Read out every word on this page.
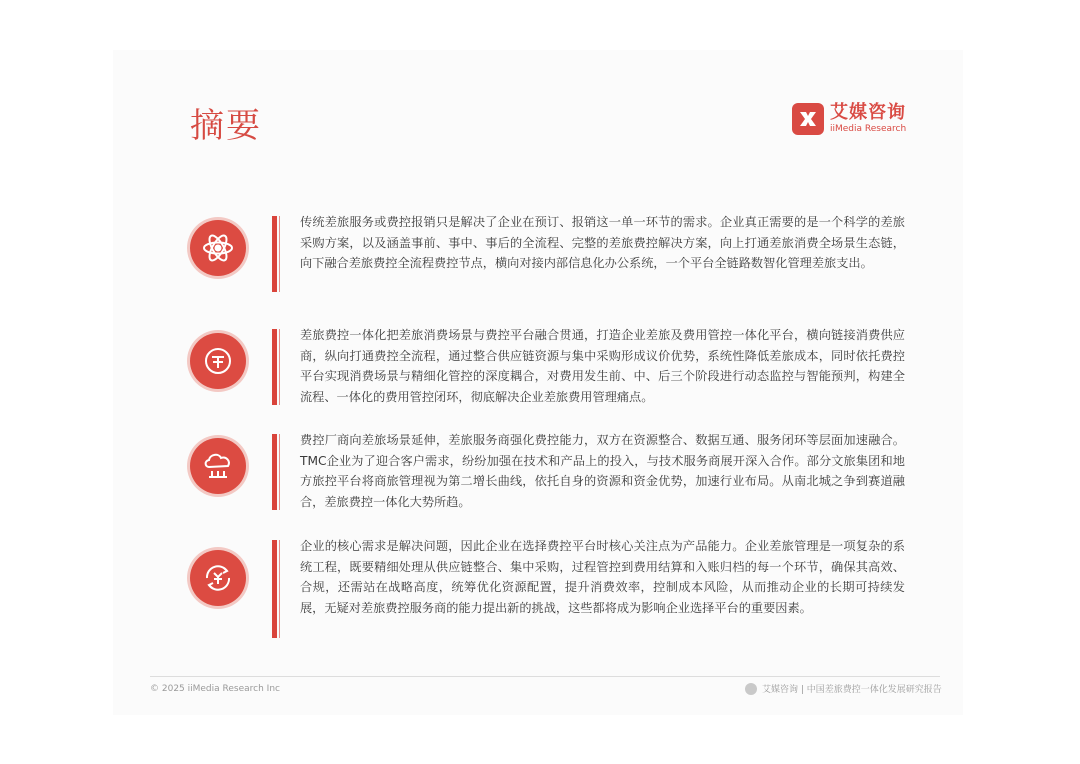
摘要	艾媒咨询
iiMedia Research
传统差旅服务或费控报销只是解决了企业在预订、报销这一单一环节的需求。企业真正需要的是一个科学的差旅采购方案，以及涵盖事前、事中、事后的全流程、完整的差旅费控解决方案，向上打通差旅消费全场景生态链，向下融合差旅费控全流程费控节点，横向对接内部信息化办公系统，一个平台全链路数智化管理差旅支出。
差旅费控一体化把差旅消费场景与费控平台融合贯通，打造企业差旅及费用管控一体化平台，横向链接消费供应商，纵向打通费控全流程，通过整合供应链资源与集中采购形成议价优势，系统性降低差旅成本，同时依托费控平台实现消费场景与精细化管控的深度耦合，对费用发生前、中、后三个阶段进行动态监控与智能预判，构建全流程、一体化的费用管控闭环，彻底解决企业差旅费用管理痛点。
费控厂商向差旅场景延伸，差旅服务商强化费控能力，双方在资源整合、数据互通、服务闭环等层面加速融合。TMC企业为了迎合客户需求，纷纷加强在技术和产品上的投入，与技术服务商展开深入合作。部分文旅集团和地方旅控平台将商旅管理视为第二增长曲线，依托自身的资源和资金优势，加速行业布局。从南北城之争到赛道融合，差旅费控一体化大势所趋。
企业的核心需求是解决问题，因此企业在选择费控平台时核心关注点为产品能力。企业差旅管理是一项复杂的系统工程，既要精细处理从供应链整合、集中采购，过程管控到费用结算和入账归档的每一个环节，确保其高效、合规，还需站在战略高度，统筹优化资源配置，提升消费效率，控制成本风险，从而推动企业的长期可持续发展，无疑对差旅费控服务商的能力提出新的挑战，这些都将成为影响企业选择平台的重要因素。
© 2025 iiMedia Research Inc	艾媒咨询 | 中国差旅费控一体化发展研究报告
